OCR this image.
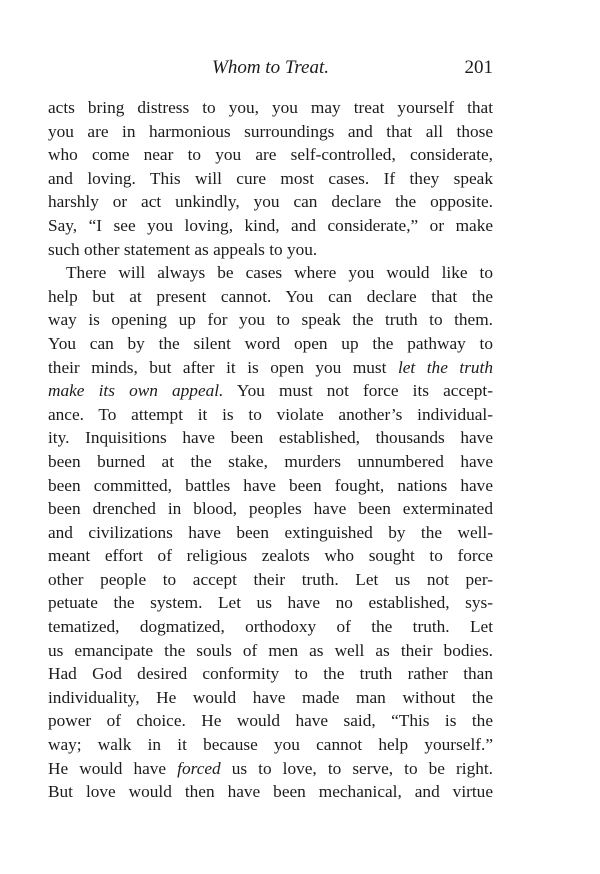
Whom to Treat.	201
acts bring distress to you, you may treat yourself that
you are in harmonious surroundings and that all those
who come near to you are self-controlled, considerate,
and loving. This will cure most cases. If they speak
harshly or act unkindly, you can declare the opposite.
Say, “I see you loving, kind, and considerate,” or make
such other statement as appeals to you.
There will always be cases where you would like to
help but at present cannot. You can declare that the
way is opening up for you to speak the truth to them.
You can by the silent word open up the pathway to
their minds, but after it is open you must let the truth
make its own appeal. You must not force its accept-
ance. To attempt it is to violate another’s individual-
ity. Inquisitions have been established, thousands have
been burned at the stake, murders unnumbered have
been committed, battles have been fought, nations have
been drenched in blood, peoples have been exterminated
and civilizations have been extinguished by the well-
meant effort of religious zealots who sought to force
other people to accept their truth. Let us not per-
petuate the system. Let us have no established, sys-
tematized, dogmatized, orthodoxy of the truth. Let
us emancipate the souls of men as well as their bodies.
Had God desired conformity to the truth rather than
individuality, He would have made man without the
power of choice. He would have said, “This is the
way; walk in it because you cannot help yourself.”
He would have forced us to love, to serve, to be right.
But love would then have been mechanical, and virtue
